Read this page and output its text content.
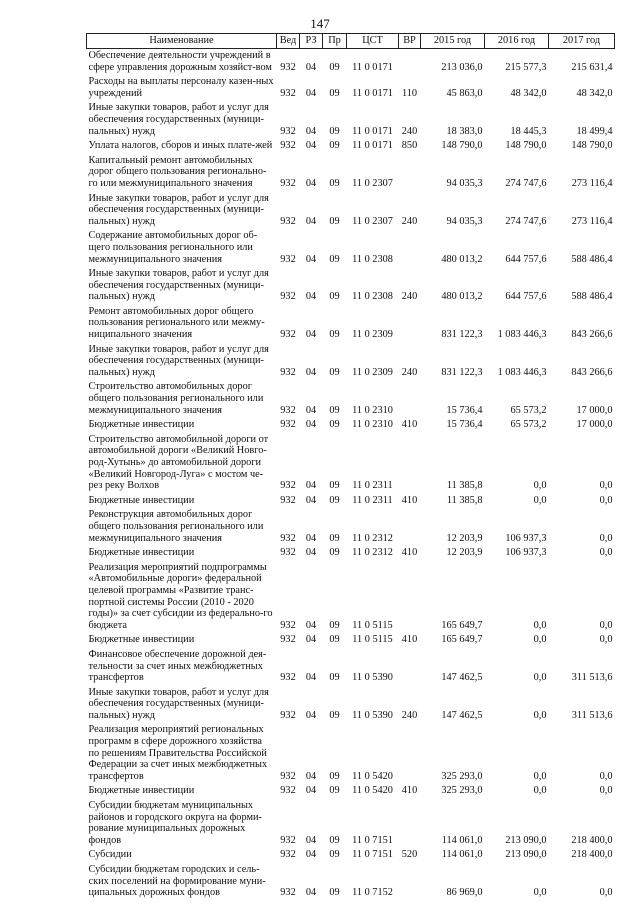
147
Наименование	Вед	РЗ	Пр	ЦСТ	ВР	2015 год	2016 год	2017 год
Обеспечение деятельности учреждений в сфере управления дорожным хозяйст-вом	932	04	09	11 0 0171		213 036,0	215 577,3	215 631,4
Расходы на выплаты персоналу казен-ных учреждений	932	04	09	11 0 0171	110	45 863,0	48 342,0	48 342,0
Иные закупки товаров, работ и услуг для обеспечения государственных (муници-пальных) нужд	932	04	09	11 0 0171	240	18 383,0	18 445,3	18 499,4
Уплата налогов, сборов и иных плате-жей	932	04	09	11 0 0171	850	148 790,0	148 790,0	148 790,0
Капитальный ремонт автомобильных дорог общего пользования регионально-го или межмуниципального значения	932	04	09	11 0 2307		94 035,3	274 747,6	273 116,4
Иные закупки товаров, работ и услуг для обеспечения государственных (муници-пальных) нужд	932	04	09	11 0 2307	240	94 035,3	274 747,6	273 116,4
Содержание автомобильных дорог об-щего пользования регионального или межмуниципального значения	932	04	09	11 0 2308		480 013,2	644 757,6	588 486,4
Иные закупки товаров, работ и услуг для обеспечения государственных (муници-пальных) нужд	932	04	09	11 0 2308	240	480 013,2	644 757,6	588 486,4
Ремонт автомобильных дорог общего пользования регионального или межму-ниципального значения	932	04	09	11 0 2309		831 122,3	1 083 446,3	843 266,6
Иные закупки товаров, работ и услуг для обеспечения государственных (муници-пальных) нужд	932	04	09	11 0 2309	240	831 122,3	1 083 446,3	843 266,6
Строительство автомобильных дорог общего пользования регионального или межмуниципального значения	932	04	09	11 0 2310		15 736,4	65 573,2	17 000,0
Бюджетные инвестиции	932	04	09	11 0 2310	410	15 736,4	65 573,2	17 000,0
Строительство автомобильной дороги от автомобильной дороги «Великий Новго-род-Хутынь» до автомобильной дороги «Великий Новгород-Луга» с мостом че-рез реку Волхов	932	04	09	11 0 2311		11 385,8	0,0	0,0
Бюджетные инвестиции	932	04	09	11 0 2311	410	11 385,8	0,0	0,0
Реконструкция автомобильных дорог общего пользования регионального или межмуниципального значения	932	04	09	11 0 2312		12 203,9	106 937,3	0,0
Бюджетные инвестиции	932	04	09	11 0 2312	410	12 203,9	106 937,3	0,0
Реализация мероприятий подпрограммы «Автомобильные дороги» федеральной целевой программы «Развитие транс-портной системы России (2010 - 2020 годы)» за счет субсидии из федерально-го бюджета	932	04	09	11 0 5115		165 649,7	0,0	0,0
Бюджетные инвестиции	932	04	09	11 0 5115	410	165 649,7	0,0	0,0
Финансовое обеспечение дорожной дея-тельности за счет иных межбюджетных трансфертов	932	04	09	11 0 5390		147 462,5	0,0	311 513,6
Иные закупки товаров, работ и услуг для обеспечения государственных (муници-пальных) нужд	932	04	09	11 0 5390	240	147 462,5	0,0	311 513,6
Реализация мероприятий региональных программ в сфере дорожного хозяйства по решениям Правительства Российской Федерации за счет иных межбюджетных трансфертов	932	04	09	11 0 5420		325 293,0	0,0	0,0
Бюджетные инвестиции	932	04	09	11 0 5420	410	325 293,0	0,0	0,0
Субсидии бюджетам муниципальных районов и городского округа на форми-рование муниципальных дорожных фондов	932	04	09	11 0 7151		114 061,0	213 090,0	218 400,0
Субсидии	932	04	09	11 0 7151	520	114 061,0	213 090,0	218 400,0
Субсидии бюджетам городских и сель-ских поселений на формирование муни-ципальных дорожных фондов	932	04	09	11 0 7152		86 969,0	0,0	0,0
